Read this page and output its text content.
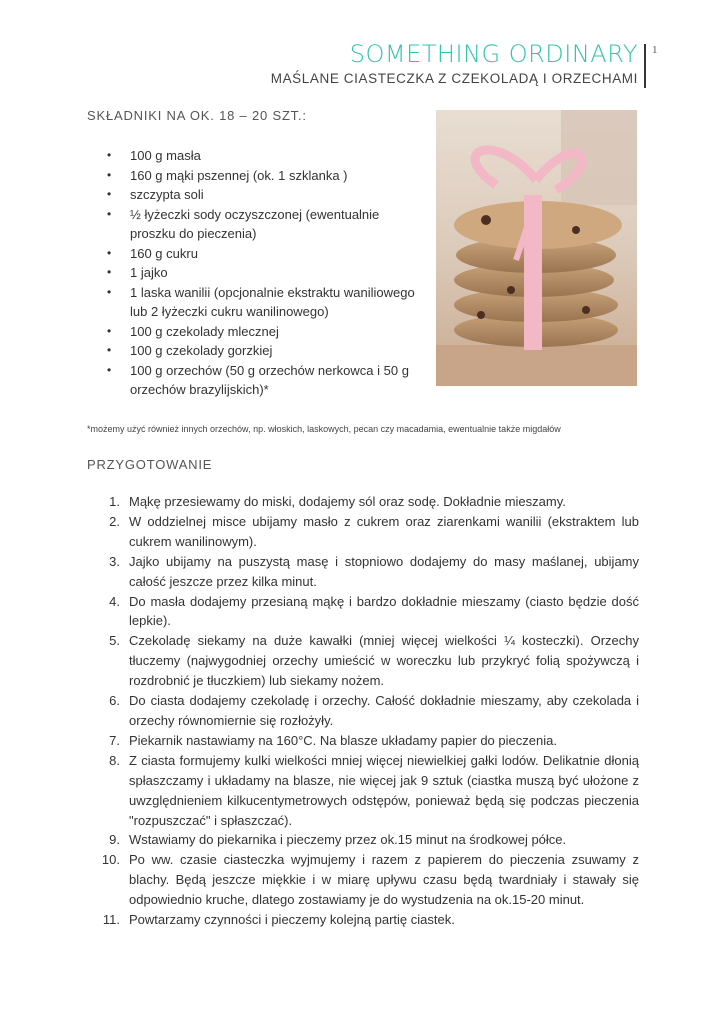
SOMETHING ORDINARY
MAŚLANE CIASTECZKA Z CZEKOLADĄ I ORZECHAMI
1
SKŁADNIKI NA OK. 18 – 20 SZT.:
• 100 g masła
• 160 g mąki pszennej (ok. 1 szklanka )
• szczypta soli
• ½ łyżeczki sody oczyszczonej (ewentualnie proszku do pieczenia)
• 160 g cukru
• 1 jajko
• 1 laska wanilii (opcjonalnie ekstraktu waniliowego lub 2 łyżeczki cukru wanilinowego)
• 100 g czekolady mlecznej
• 100 g czekolady gorzkiej
• 100 g orzechów (50 g orzechów nerkowca i 50 g orzechów brazylijskich)*
*możemy użyć również innych orzechów, np. włoskich, laskowych, pecan czy macadamia, ewentualnie także migdałów
PRZYGOTOWANIE
1. Mąkę przesiewamy do miski, dodajemy sól oraz sodę. Dokładnie mieszamy.
2. W oddzielnej misce ubijamy masło z cukrem oraz ziarenkami wanilii (ekstraktem lub cukrem wanilinowym).
3. Jajko ubijamy na puszystą masę i stopniowo dodajemy do masy maślanej, ubijamy całość jeszcze przez kilka minut.
4. Do masła dodajemy przesianą mąkę i bardzo dokładnie mieszamy (ciasto będzie dość lepkie).
5. Czekoladę siekamy na duże kawałki (mniej więcej wielkości ¼ kosteczki). Orzechy tłuczemy (najwygodniej orzechy umieścić w woreczku lub przykryć folią spożywczą i rozdrobnić je tłuczkiem) lub siekamy nożem.
6. Do ciasta dodajemy czekoladę i orzechy. Całość dokładnie mieszamy, aby czekolada i orzechy równomiernie się rozłożyły.
7. Piekarnik nastawiamy na 160°C. Na blasze układamy papier do pieczenia.
8. Z ciasta formujemy kulki wielkości mniej więcej niewielkiej gałki lodów. Delikatnie dłonią spłaszczamy i układamy na blasze, nie więcej jak 9 sztuk (ciastka muszą być ułożone z uwzględnieniem kilkucentymetrowych odstępów, ponieważ będą się podczas pieczenia "rozpuszczać" i spłaszczać).
9. Wstawiamy do piekarnika i pieczemy przez ok.15 minut na środkowej półce.
10. Po ww. czasie ciasteczka wyjmujemy i razem z papierem do pieczenia zsuwamy z blachy. Będą jeszcze miękkie i w miarę upływu czasu będą twardniały i stawały się odpowiednio kruche, dlatego zostawiamy je do wystudzenia na ok.15-20 minut.
11. Powtarzamy czynności i pieczemy kolejną partię ciastek.
